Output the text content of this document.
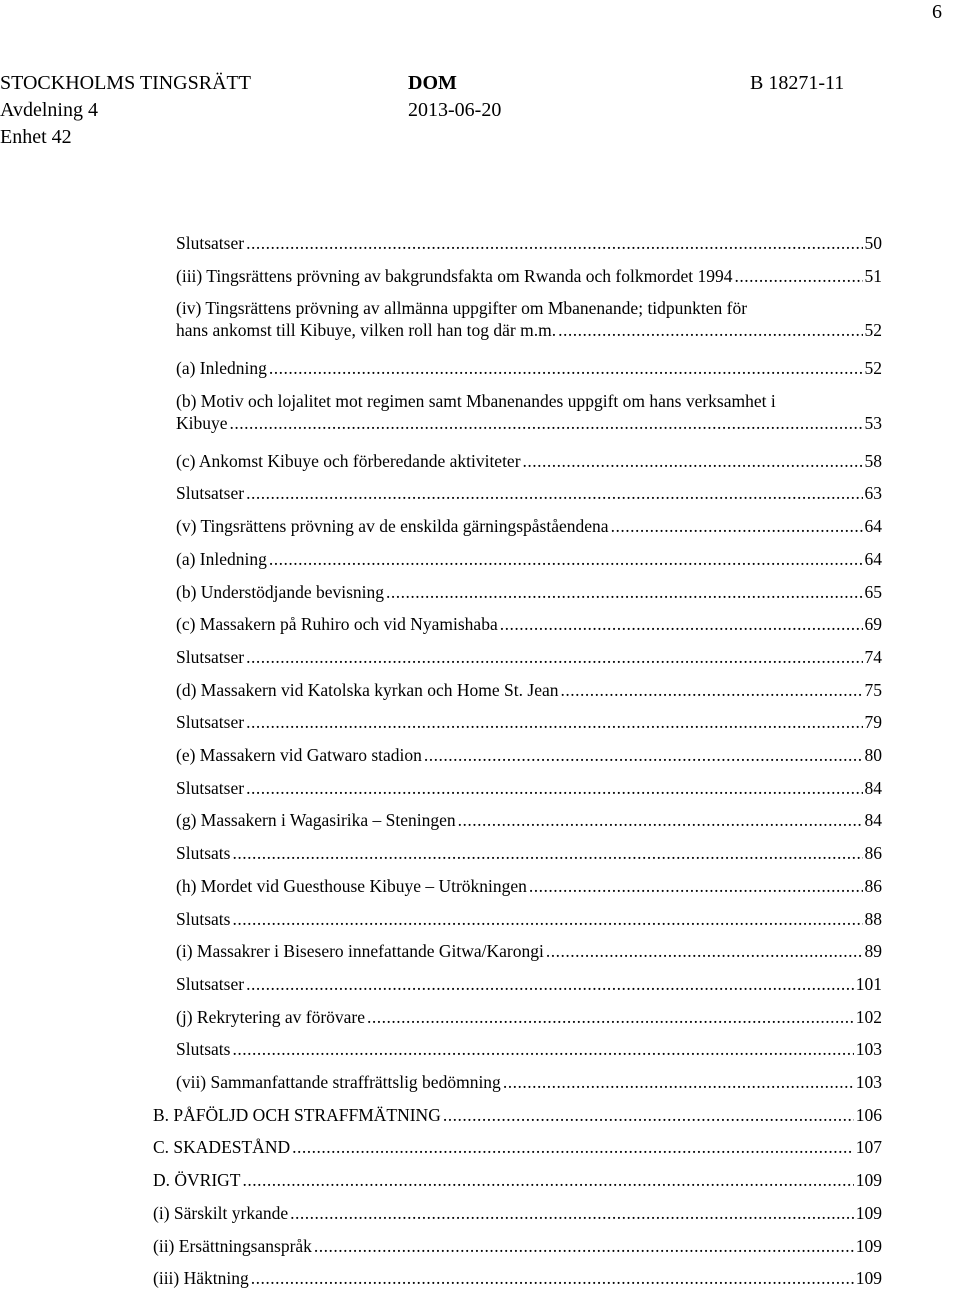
6
STOCKHOLMS TINGSRÄTT
Avdelning 4
Enhet 42
DOM
2013-06-20
B 18271-11
Slutsatser .....	50
(iii) Tingsrättens prövning av bakgrundsfakta om Rwanda och folkmordet 1994 .....	51
(iv) Tingsrättens prövning av allmänna uppgifter om Mbanenande; tidpunkten för
hans ankomst till Kibuye, vilken roll han tog där m.m. .....	52
(a) Inledning .....	52
(b) Motiv och lojalitet mot regimen samt Mbanenandes uppgift om hans verksamhet i
Kibuye .....	53
(c) Ankomst Kibuye och förberedande aktiviteter .....	58
Slutsatser .....	63
(v) Tingsrättens prövning av de enskilda gärningspåståendena .....	64
(a) Inledning .....	64
(b) Understödjande bevisning .....	65
(c) Massakern på Ruhiro och vid Nyamishaba .....	69
Slutsatser .....	74
(d) Massakern vid Katolska kyrkan och Home St. Jean .....	75
Slutsatser .....	79
(e) Massakern vid Gatwaro stadion .....	80
Slutsatser .....	84
(g) Massakern i Wagasirika – Steningen .....	84
Slutsats .....	86
(h) Mordet vid Guesthouse Kibuye – Utrökningen .....	86
Slutsats .....	88
(i) Massakrer i Bisesero innefattande Gitwa/Karongi .....	89
Slutsatser .....	101
(j) Rekrytering av förövare .....	102
Slutsats .....	103
(vii) Sammanfattande straffrättslig bedömning .....	103
B. PÅFÖLJD OCH STRAFFMÄTNING .....	106
C. SKADESTÅND .....	107
D. ÖVRIGT .....	109
(i) Särskilt yrkande .....	109
(ii) Ersättningsanspråk .....	109
(iii) Häktning .....	109
